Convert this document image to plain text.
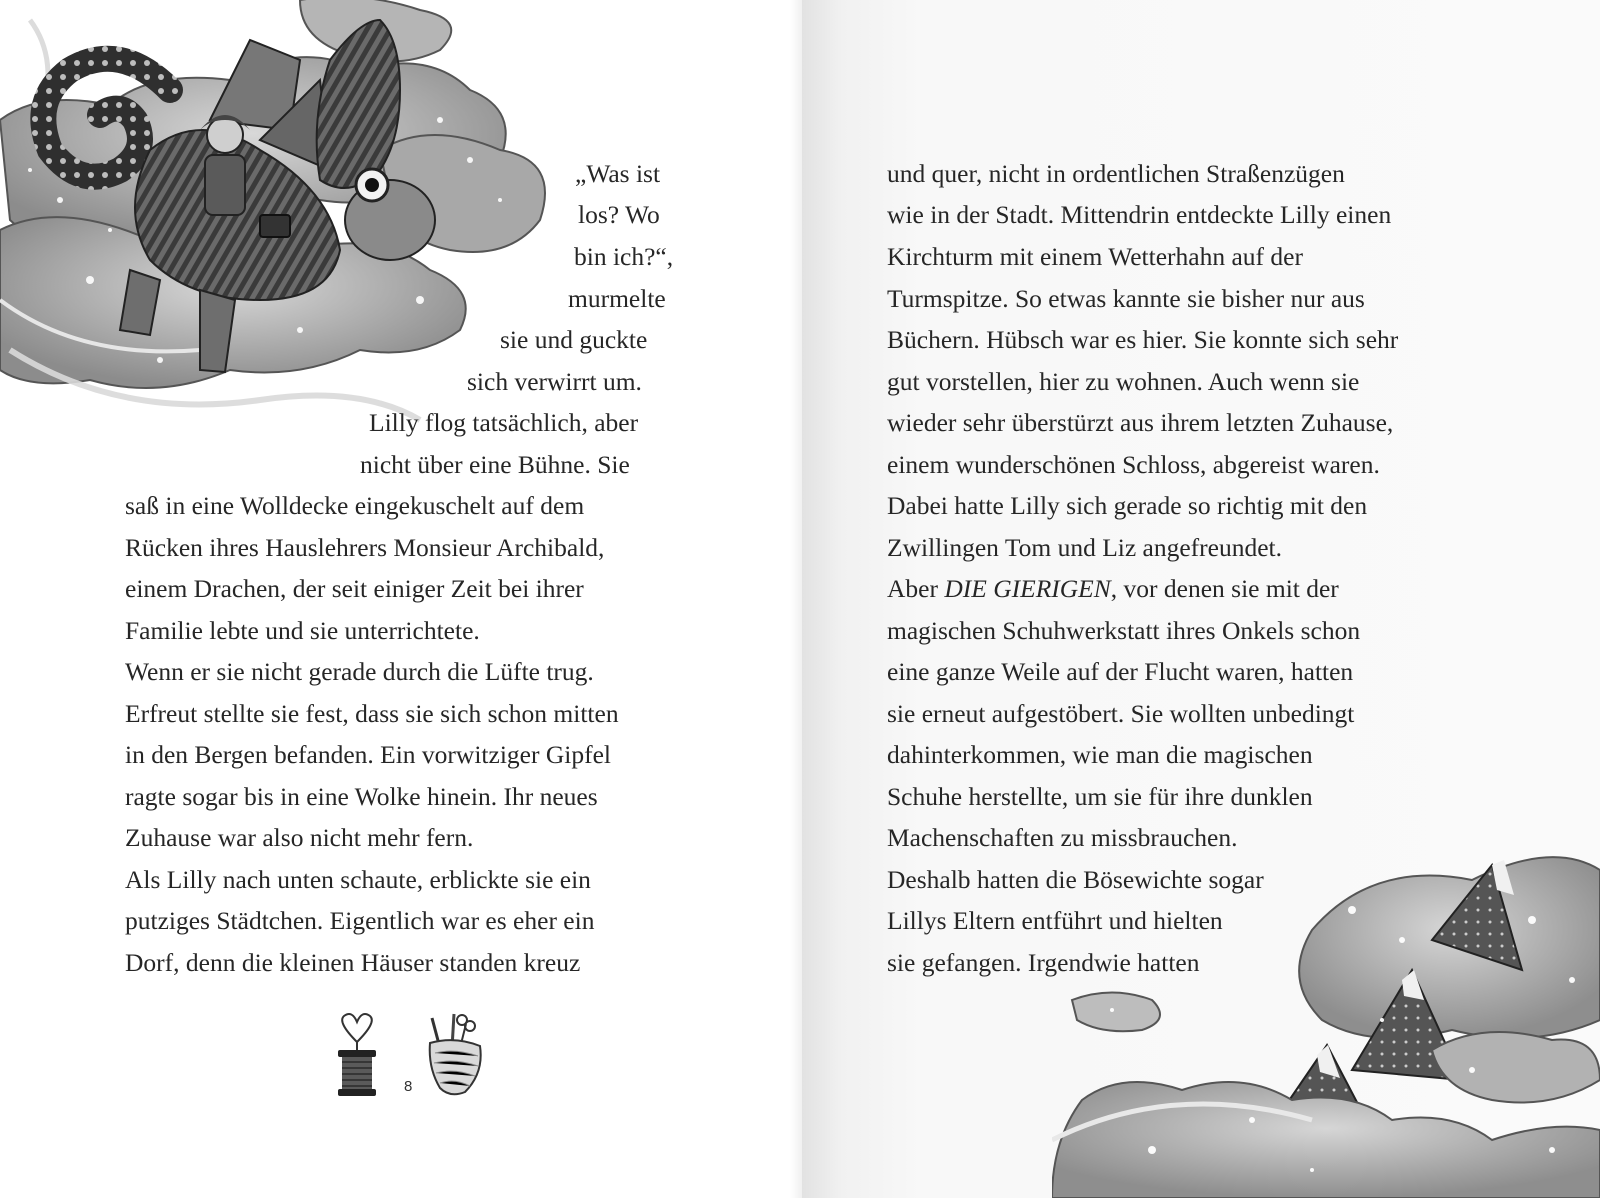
„Was ist
los? Wo
bin ich?“,
murmelte
sie und guckte
sich verwirrt um.
Lilly flog tatsächlich, aber
nicht über eine Bühne. Sie
saß in eine Wolldecke eingekuschelt auf dem
Rücken ihres Hauslehrers Monsieur Archibald,
einem Drachen, der seit einiger Zeit bei ihrer
Familie lebte und sie unterrichtete.
Wenn er sie nicht gerade durch die Lüfte trug.
Erfreut stellte sie fest, dass sie sich schon mitten
in den Bergen befanden. Ein vorwitziger Gipfel
ragte sogar bis in eine Wolke hinein. Ihr neues
Zuhause war also nicht mehr fern.
Als Lilly nach unten schaute, erblickte sie ein
putziges Städtchen. Eigentlich war es eher ein
Dorf, denn die kleinen Häuser standen kreuz
8
und quer, nicht in ordentlichen Straßenzügen
wie in der Stadt. Mittendrin entdeckte Lilly einen
Kirchturm mit einem Wetterhahn auf der
Turmspitze. So etwas kannte sie bisher nur aus
Büchern. Hübsch war es hier. Sie konnte sich sehr
gut vorstellen, hier zu wohnen. Auch wenn sie
wieder sehr überstürzt aus ihrem letzten Zuhause,
einem wunderschönen Schloss, abgereist waren.
Dabei hatte Lilly sich gerade so richtig mit den
Zwillingen Tom und Liz angefreundet.
Aber DIE GIERIGEN, vor denen sie mit der
magischen Schuhwerkstatt ihres Onkels schon
eine ganze Weile auf der Flucht waren, hatten
sie erneut aufgestöbert. Sie wollten unbedingt
dahinterkommen, wie man die magischen
Schuhe herstellte, um sie für ihre dunklen
Machenschaften zu missbrauchen.
Deshalb hatten die Bösewichte sogar
Lillys Eltern entführt und hielten
sie gefangen. Irgendwie hatten
